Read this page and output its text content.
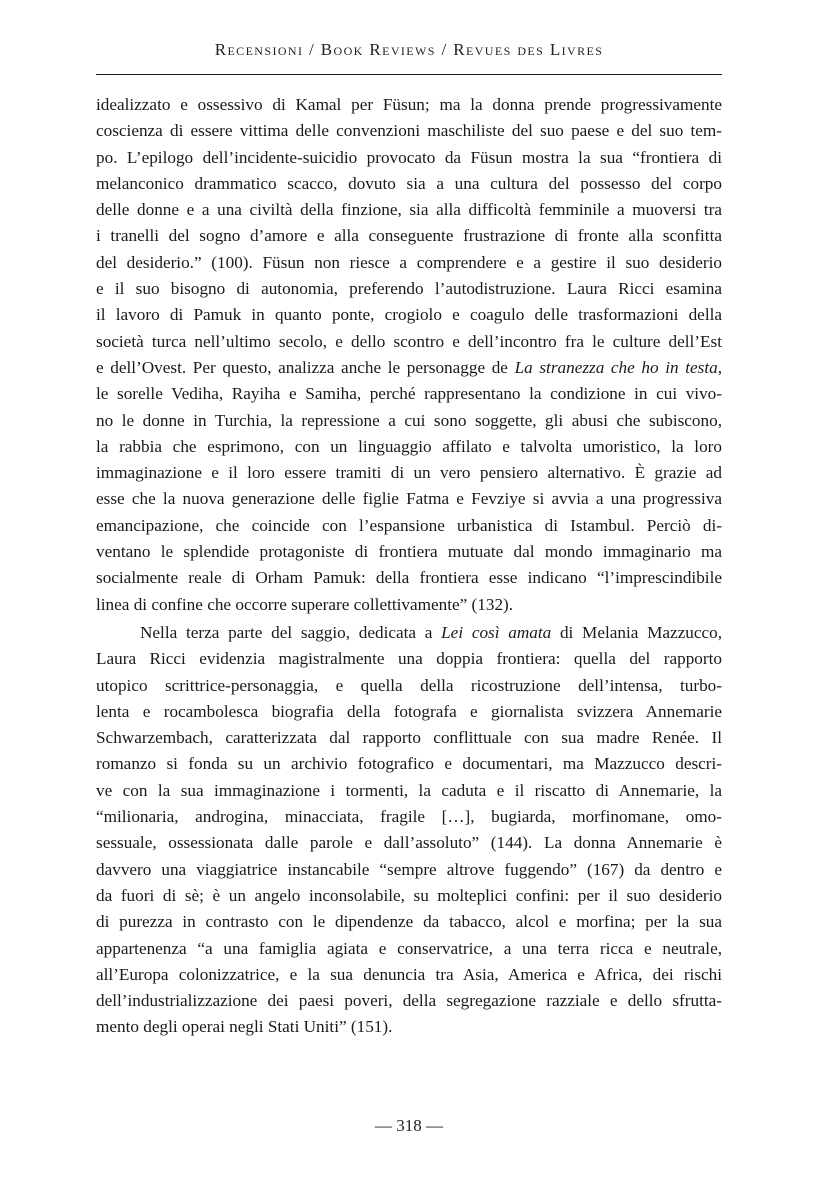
Recensioni / Book Reviews / Revues des Livres
idealizzato e ossessivo di Kamal per Füsun; ma la donna prende progressivamente
coscienza di essere vittima delle convenzioni maschiliste del suo paese e del suo tem-
po. L’epilogo dell’incidente-suicidio provocato da Füsun mostra la sua “frontiera di
melanconico drammatico scacco, dovuto sia a una cultura del possesso del corpo
delle donne e a una civiltà della finzione, sia alla difficoltà femminile a muoversi tra
i tranelli del sogno d’amore e alla conseguente frustrazione di fronte alla sconfitta
del desiderio.” (100). Füsun non riesce a comprendere e a gestire il suo desiderio
e il suo bisogno di autonomia, preferendo l’autodistruzione. Laura Ricci esamina
il lavoro di Pamuk in quanto ponte, crogiolo e coagulo delle trasformazioni della
società turca nell’ultimo secolo, e dello scontro e dell’incontro fra le culture dell’Est
e dell’Ovest. Per questo, analizza anche le personagge de La stranezza che ho in testa,
le sorelle Vediha, Rayiha e Samiha, perché rappresentano la condizione in cui vivo-
no le donne in Turchia, la repressione a cui sono soggette, gli abusi che subiscono,
la rabbia che esprimono, con un linguaggio affilato e talvolta umoristico, la loro
immaginazione e il loro essere tramiti di un vero pensiero alternativo. È grazie ad
esse che la nuova generazione delle figlie Fatma e Fevziye si avvia a una progressiva
emancipazione, che coincide con l’espansione urbanistica di Istambul. Perciò di-
ventano le splendide protagoniste di frontiera mutuate dal mondo immaginario ma
socialmente reale di Orham Pamuk: della frontiera esse indicano “l’imprescindibile
linea di confine che occorre superare collettivamente” (132).
Nella terza parte del saggio, dedicata a Lei così amata di Melania Mazzucco,
Laura Ricci evidenzia magistralmente una doppia frontiera: quella del rapporto
utopico scrittrice-personaggia, e quella della ricostruzione dell’intensa, turbo-
lenta e rocambolesca biografia della fotografa e giornalista svizzera Annemarie
Schwarzembach, caratterizzata dal rapporto conflittuale con sua madre Renée. Il
romanzo si fonda su un archivio fotografico e documentari, ma Mazzucco descri-
ve con la sua immaginazione i tormenti, la caduta e il riscatto di Annemarie, la
“milionaria, androgina, minacciata, fragile […], bugiarda, morfinomane, omo-
sessuale, ossessionata dalle parole e dall’assoluto” (144). La donna Annemarie è
davvero una viaggiatrice instancabile “sempre altrove fuggendo” (167) da dentro e
da fuori di sè; è un angelo inconsolabile, su molteplici confini: per il suo desiderio
di purezza in contrasto con le dipendenze da tabacco, alcol e morfina; per la sua
appartenenza “a una famiglia agiata e conservatrice, a una terra ricca e neutrale,
all’Europa colonizzatrice, e la sua denuncia tra Asia, America e Africa, dei rischi
dell’industrializzazione dei paesi poveri, della segregazione razziale e dello sfrutta-
mento degli operai negli Stati Uniti” (151).
— 318 —
